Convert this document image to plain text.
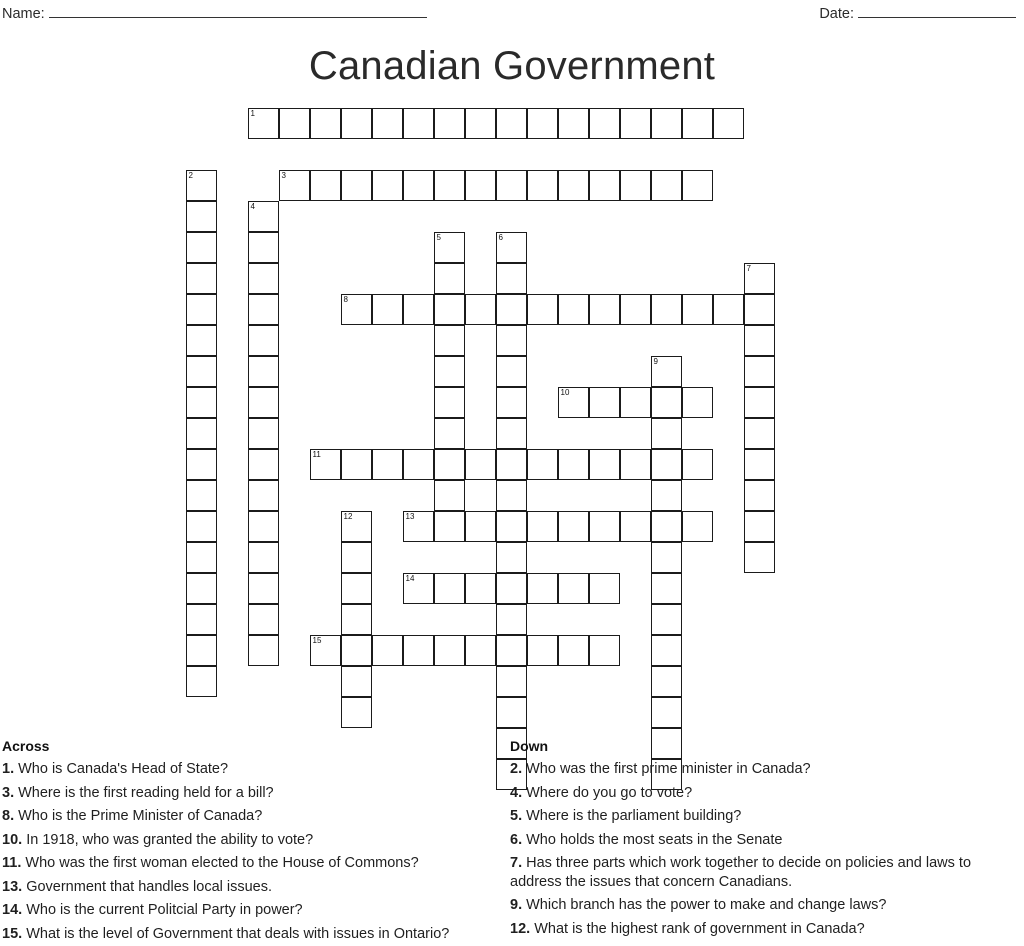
Name:	Date:
Canadian Government
1
2	3
4
5	6
7
8
9
10
11
12	13
14
15
Across

1. Who is Canada's Head of State?

3. Where is the first reading held for a bill?

8. Who is the Prime Minister of Canada?

10. In 1918, who was granted the ability to vote?

11. Who was the first woman elected to the House of Commons?

13. Government that handles local issues.

14. Who is the current Politcial Party in power?

15. What is the level of Government that deals with issues in Ontario?

Down

2. Who was the first prime minister in Canada?

4. Where do you go to vote?

5. Where is the parliament building?

6. Who holds the most seats in the Senate

7. Has three parts which work together to decide on policies and laws to address the issues that concern Canadians.

9. Which branch has the power to make and change laws?

12. What is the highest rank of government in Canada?
